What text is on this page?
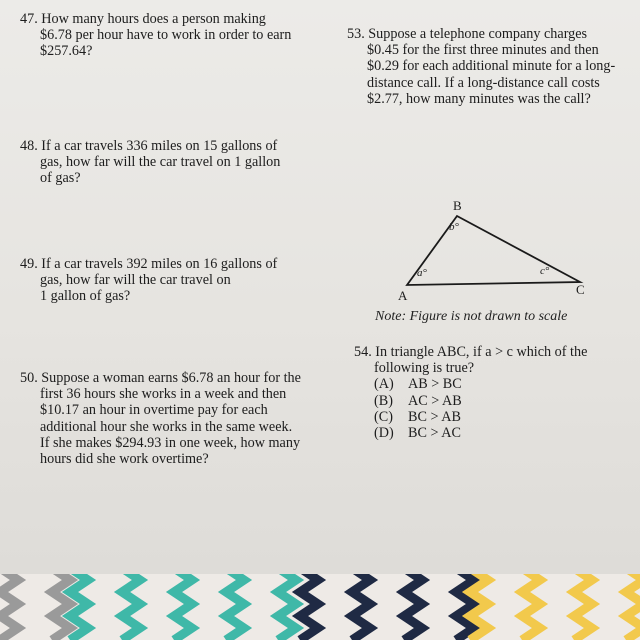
47. How many hours does a person making
$6.78 per hour have to work in order to earn
$257.64?
53. Suppose a telephone company charges
$0.45 for the first three minutes and then
$0.29 for each additional minute for a long-
distance call. If a long-distance call costs
$2.77, how many minutes was the call?
48. If a car travels 336 miles on 15 gallons of
gas, how far will the car travel on 1 gallon
of gas?
49. If a car travels 392 miles on 16 gallons of
gas, how far will the car travel on
1 gallon of gas?
B
A	C
b°
a°	c°
Note: Figure is not drawn to scale
54. In triangle ABC, if a > c which of the
following is true?
(A) AB > BC
(B) AC > AB
(C) BC > AB
(D) BC > AC
50. Suppose a woman earns $6.78 an hour for the
first 36 hours she works in a week and then
$10.17 an hour in overtime pay for each
additional hour she works in the same week.
If she makes $294.93 in one week, how many
hours did she work overtime?
